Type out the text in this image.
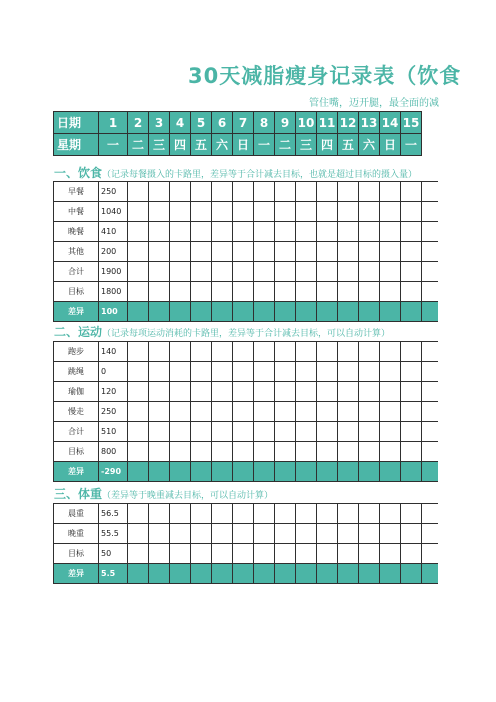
30天减脂瘦身记录表（饮食
管住嘴，迈开腿，最全面的减
日期	1	2	3	4	5	6	7	8	9 10 11 12 13 14 15
星期	一	二 三 四 五 六 日 一 二 三 四 五 六 日 一
一、饮食（记录每餐摄入的卡路里，差异等于合计减去目标，也就是超过目标的摄入量）
早餐	250
中餐	1040
晚餐	410
其他	200
合计	1900
目标	1800
差异	100
二、运动（记录每项运动消耗的卡路里，差异等于合计减去目标，可以自动计算）
跑步	140
跳绳	0
瑜伽	120
慢走	250
合计	510
目标	800
差异	-290
三、体重（差异等于晚重减去目标，可以自动计算）
晨重	56.5
晚重	55.5
目标	50
差异	5.5
